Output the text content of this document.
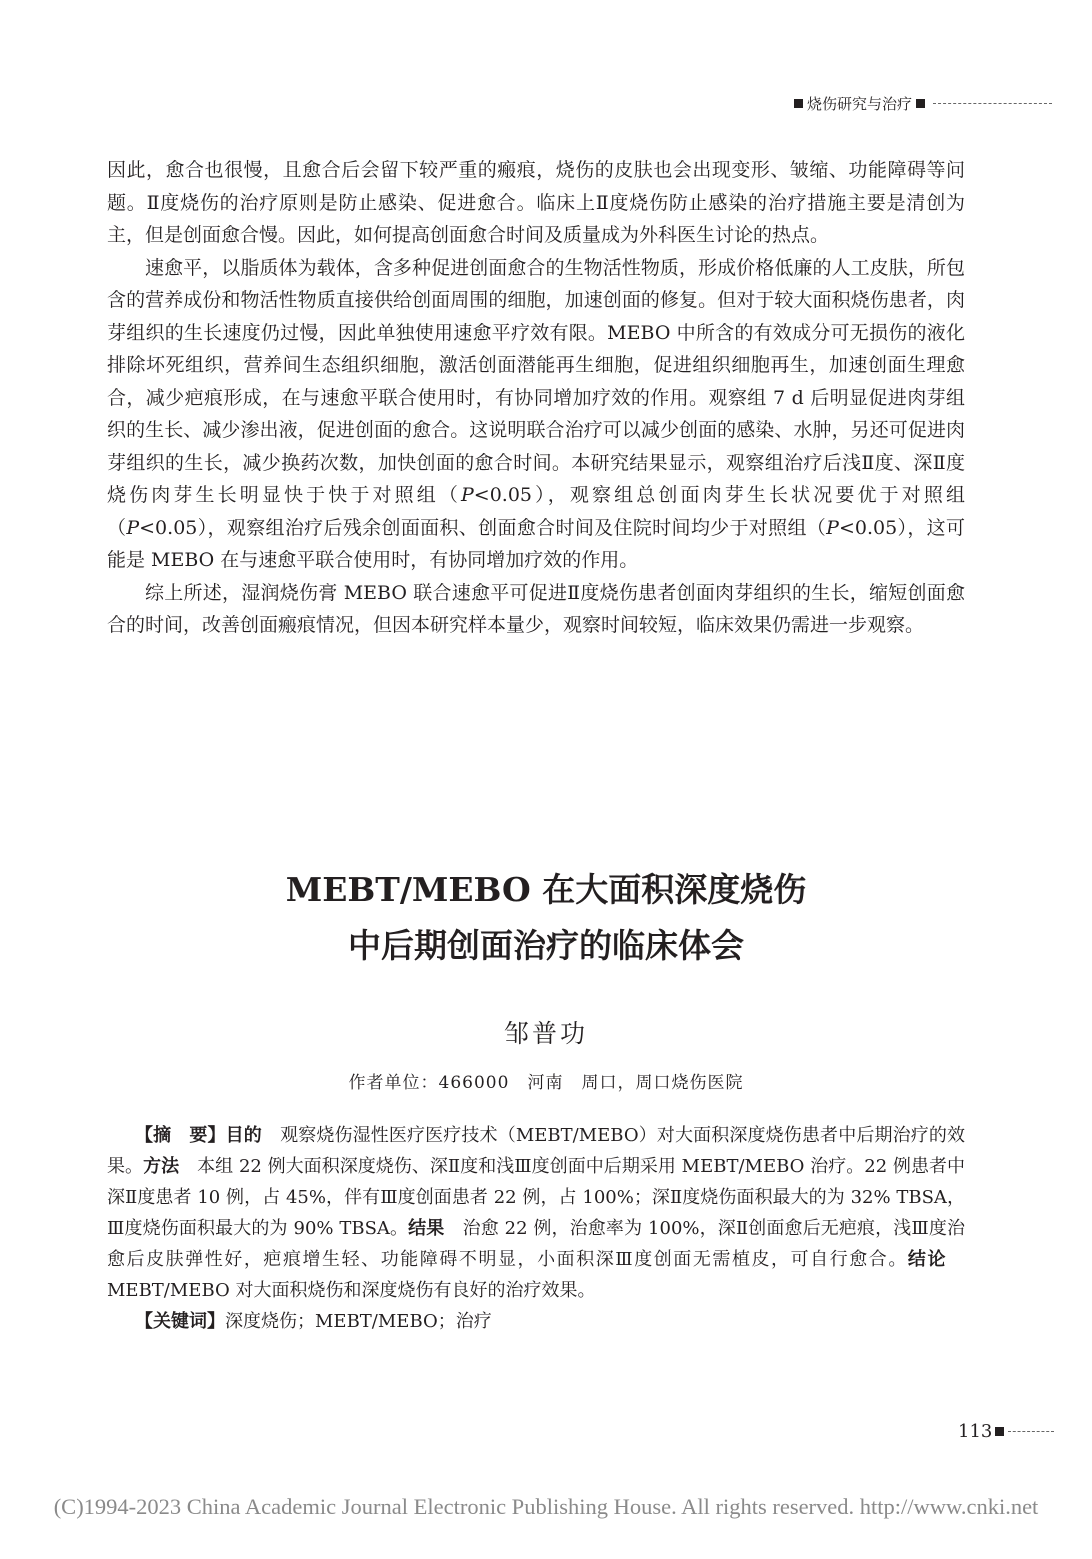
烧伤研究与治疗

因此，愈合也很慢，且愈合后会留下较严重的瘢痕，烧伤的皮肤也会出现变形、皱缩、功能障碍等问题。Ⅱ度烧伤的治疗原则是防止感染、促进愈合。临床上Ⅱ度烧伤防止感染的治疗措施主要是清创为主，但是创面愈合慢。因此，如何提高创面愈合时间及质量成为外科医生讨论的热点。

速愈平，以脂质体为载体，含多种促进创面愈合的生物活性物质，形成价格低廉的人工皮肤，所包含的营养成份和物活性物质直接供给创面周围的细胞，加速创面的修复。但对于较大面积烧伤患者，肉芽组织的生长速度仍过慢，因此单独使用速愈平疗效有限。MEBO 中所含的有效成分可无损伤的液化排除坏死组织，营养间生态组织细胞，激活创面潜能再生细胞，促进组织细胞再生，加速创面生理愈合，减少疤痕形成，在与速愈平联合使用时，有协同增加疗效的作用。观察组 7 d 后明显促进肉芽组织的生长、减少渗出液，促进创面的愈合。这说明联合治疗可以减少创面的感染、水肿，另还可促进肉芽组织的生长，减少换药次数，加快创面的愈合时间。本研究结果显示，观察组治疗后浅Ⅱ度、深Ⅱ度烧伤肉芽生长明显快于快于对照组（P<0.05），观察组总创面肉芽生长状况要优于对照组（P<0.05），观察组治疗后残余创面面积、创面愈合时间及住院时间均少于对照组（P<0.05），这可能是 MEBO 在与速愈平联合使用时，有协同增加疗效的作用。

综上所述，湿润烧伤膏 MEBO 联合速愈平可促进Ⅱ度烧伤患者创面肉芽组织的生长，缩短创面愈合的时间，改善创面瘢痕情况，但因本研究样本量少，观察时间较短，临床效果仍需进一步观察。

MEBT/MEBO 在大面积深度烧伤
中后期创面治疗的临床体会
邹普功
作者单位：466000　河南　周口，周口烧伤医院

【摘　要】目的　观察烧伤湿性医疗医疗技术（MEBT/MEBO）对大面积深度烧伤患者中后期治疗的效果。方法　本组 22 例大面积深度烧伤、深Ⅱ度和浅Ⅲ度创面中后期采用 MEBT/MEBO 治疗。22 例患者中深Ⅱ度患者 10 例，占 45%，伴有Ⅲ度创面患者 22 例，占 100%；深Ⅱ度烧伤面积最大的为 32% TBSA，Ⅲ度烧伤面积最大的为 90% TBSA。结果　治愈 22 例，治愈率为 100%，深Ⅱ创面愈后无疤痕，浅Ⅲ度治愈后皮肤弹性好，疤痕增生轻、功能障碍不明显，小面积深Ⅲ度创面无需植皮，可自行愈合。结论　MEBT/MEBO 对大面积烧伤和深度烧伤有良好的治疗效果。

【关键词】深度烧伤；MEBT/MEBO；治疗

113
(C)1994-2023 China Academic Journal Electronic Publishing House. All rights reserved. http://www.cnki.net
